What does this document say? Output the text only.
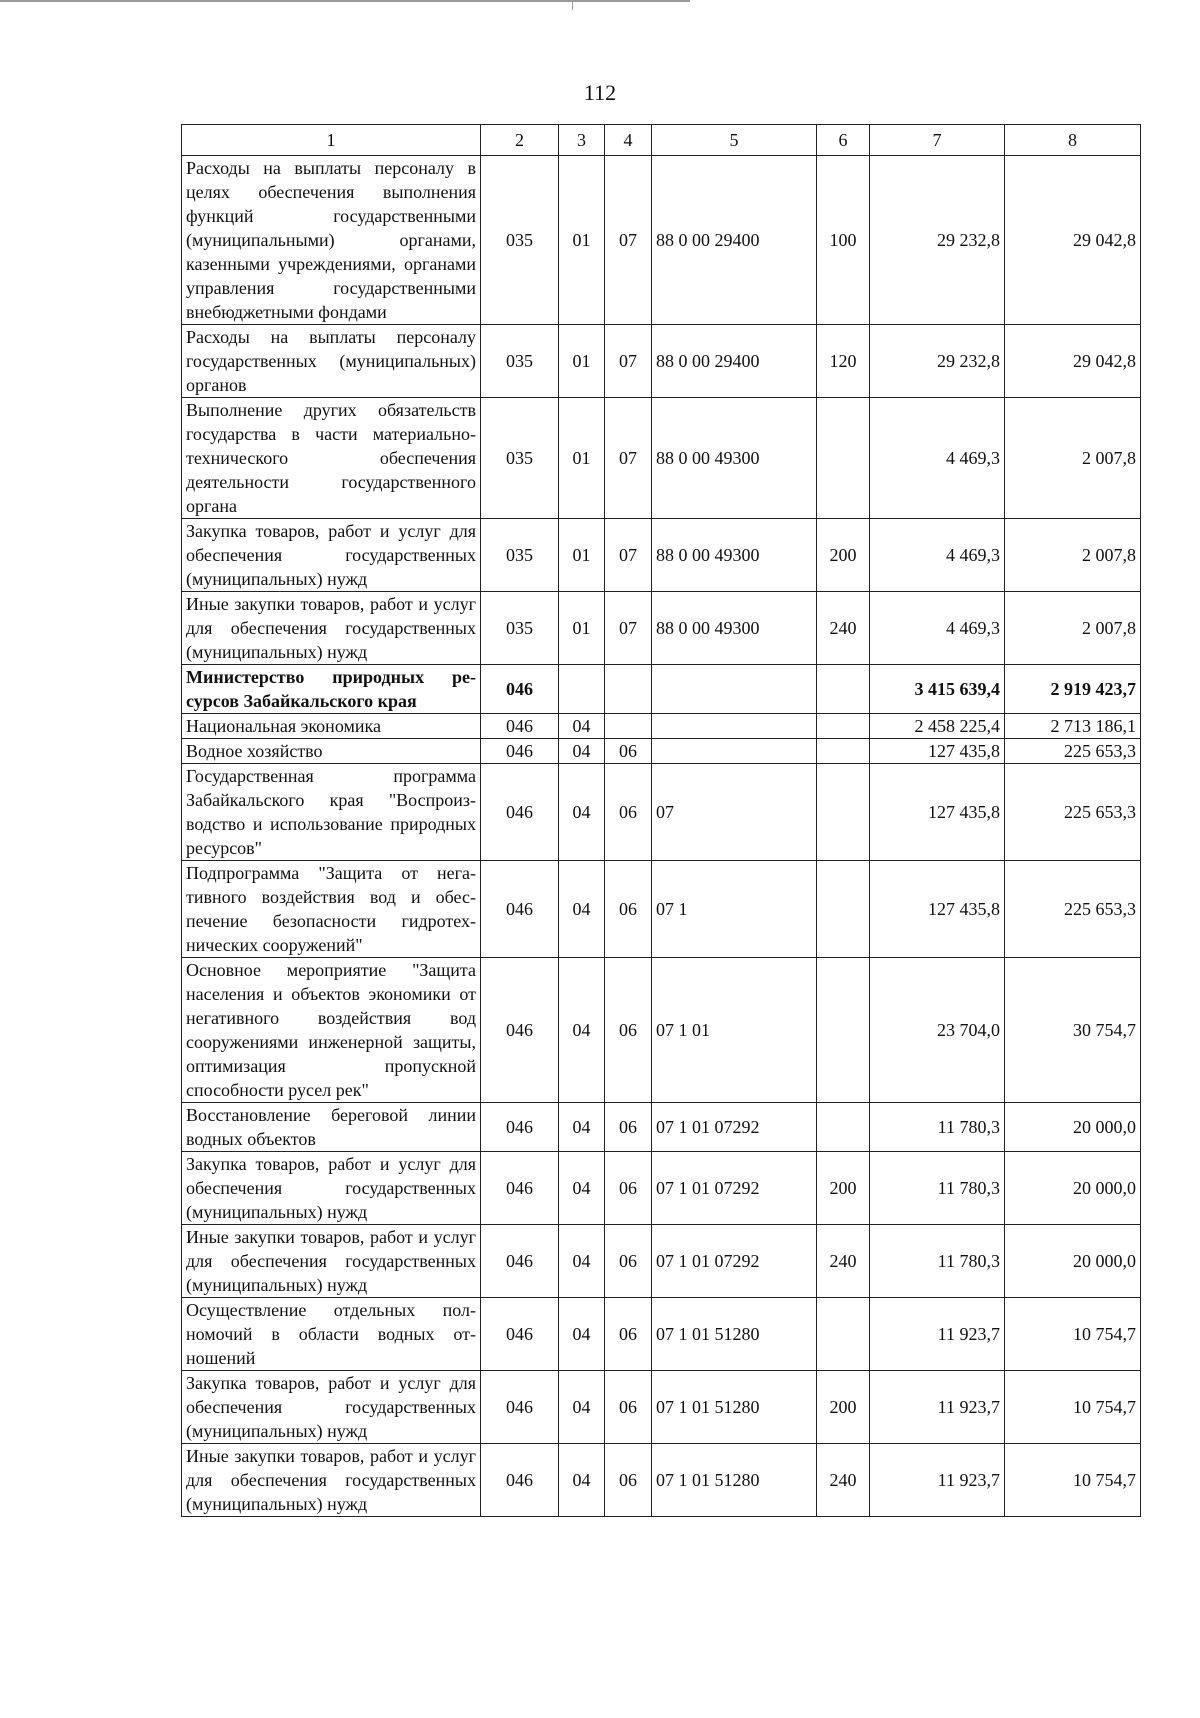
112
1	2	3	4	5	6	7	8
Расходы на выплаты персоналу в целях обеспечения выполнения функций государственными (муниципальными) органами, казенными учреждениями, органами управления государственными внебюджетными фондами	035	01	07	88 0 00 29400	100	29 232,8	29 042,8
Расходы на выплаты персоналу государственных (муниципальных) органов	035	01	07	88 0 00 29400	120	29 232,8	29 042,8
Выполнение других обязательств государства в части материально-технического обеспечения деятельности государственного органа	035	01	07	88 0 00 49300		4 469,3	2 007,8
Закупка товаров, работ и услуг для обеспечения государственных (муниципальных) нужд	035	01	07	88 0 00 49300	200	4 469,3	2 007,8
Иные закупки товаров, работ и услуг для обеспечения государственных (муниципальных) нужд	035	01	07	88 0 00 49300	240	4 469,3	2 007,8
Министерство природных ресурсов Забайкальского края	046					3 415 639,4	2 919 423,7
Национальная экономика	046	04				2 458 225,4	2 713 186,1
Водное хозяйство	046	04	06			127 435,8	225 653,3
Государственная программа Забайкальского края "Воспроизводство и использование природных ресурсов"	046	04	06	07		127 435,8	225 653,3
Подпрограмма "Защита от негативного воздействия вод и обеспечение безопасности гидротехнических сооружений"	046	04	06	07 1		127 435,8	225 653,3
Основное мероприятие "Защита населения и объектов экономики от негативного воздействия вод сооружениями инженерной защиты, оптимизация пропускной способности русел рек"	046	04	06	07 1 01		23 704,0	30 754,7
Восстановление береговой линии водных объектов	046	04	06	07 1 01 07292		11 780,3	20 000,0
Закупка товаров, работ и услуг для обеспечения государственных (муниципальных) нужд	046	04	06	07 1 01 07292	200	11 780,3	20 000,0
Иные закупки товаров, работ и услуг для обеспечения государственных (муниципальных) нужд	046	04	06	07 1 01 07292	240	11 780,3	20 000,0
Осуществление отдельных полномочий в области водных отношений	046	04	06	07 1 01 51280		11 923,7	10 754,7
Закупка товаров, работ и услуг для обеспечения государственных (муниципальных) нужд	046	04	06	07 1 01 51280	200	11 923,7	10 754,7
Иные закупки товаров, работ и услуг для обеспечения государственных (муниципальных) нужд	046	04	06	07 1 01 51280	240	11 923,7	10 754,7
